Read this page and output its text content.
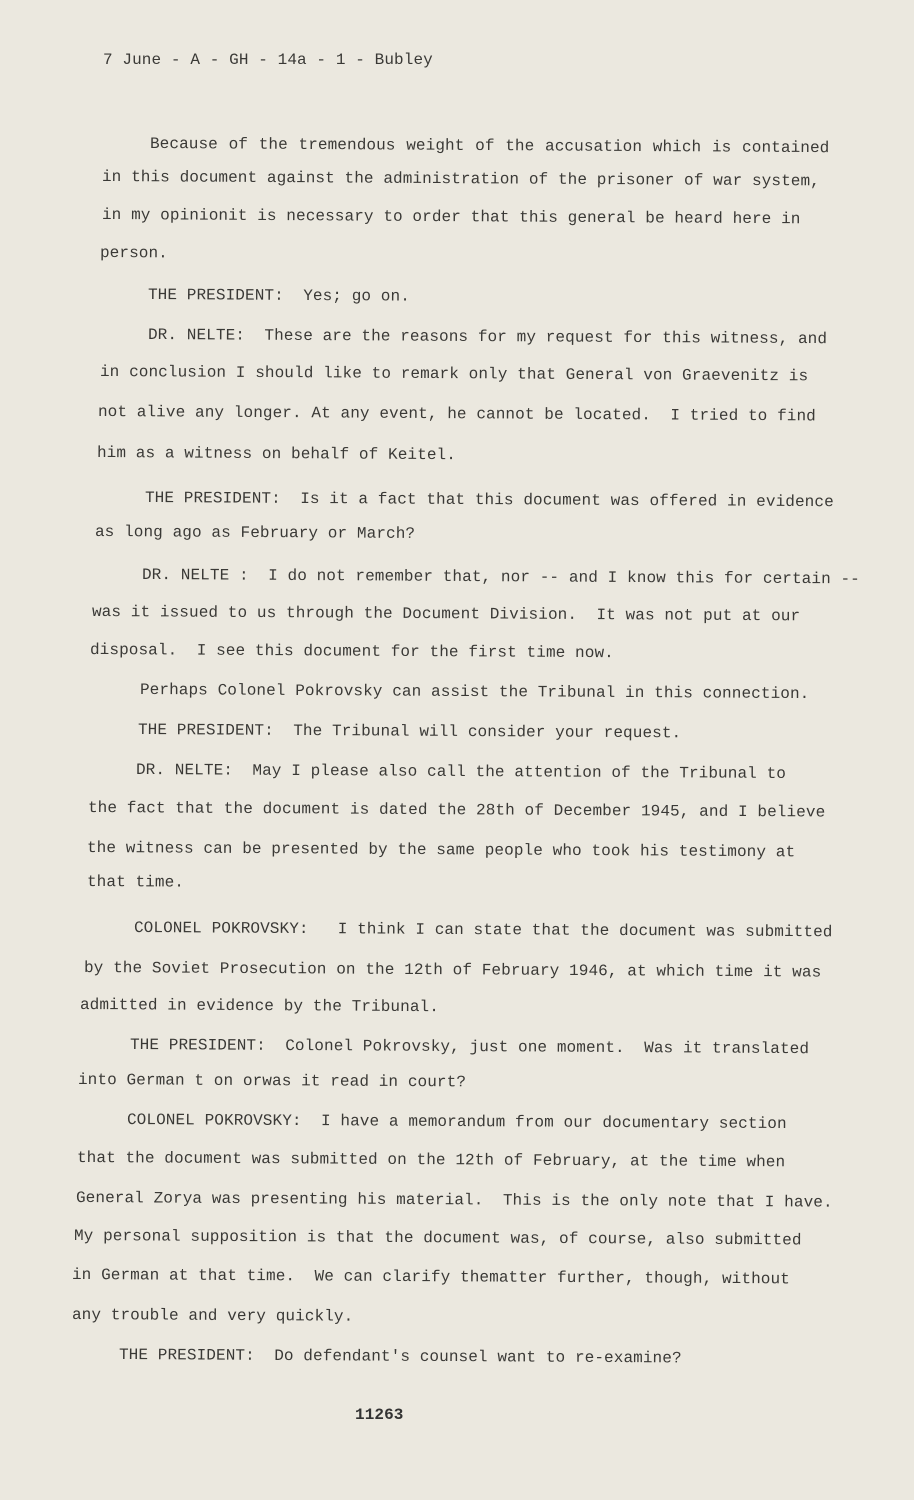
7 June - A - GH - 14a - 1 - Bubley
Because of the tremendous weight of the accusation which is contained
in this document against the administration of the prisoner of war system,
in my opinionit is necessary to order that this general be heard here in
person.
THE PRESIDENT:  Yes; go on.
DR. NELTE:  These are the reasons for my request for this witness, and
in conclusion I should like to remark only that General von Graevenitz is
not alive any longer. At any event, he cannot be located.  I tried to find
him as a witness on behalf of Keitel.
THE PRESIDENT:  Is it a fact that this document was offered in evidence
as long ago as February or March?
DR. NELTE :  I do not remember that, nor -- and I know this for certain --
was it issued to us through the Document Division.  It was not put at our
disposal.  I see this document for the first time now.
Perhaps Colonel Pokrovsky can assist the Tribunal in this connection.
THE PRESIDENT:  The Tribunal will consider your request.
DR. NELTE:  May I please also call the attention of the Tribunal to
the fact that the document is dated the 28th of December 1945, and I believe
the witness can be presented by the same people who took his testimony at
that time.
COLONEL POKROVSKY:   I think I can state that the document was submitted
by the Soviet Prosecution on the 12th of February 1946, at which time it was
admitted in evidence by the Tribunal.
THE PRESIDENT:  Colonel Pokrovsky, just one moment.  Was it translated
into German t on orwas it read in court?
COLONEL POKROVSKY:  I have a memorandum from our documentary section
that the document was submitted on the 12th of February, at the time when
General Zorya was presenting his material.  This is the only note that I have.
My personal supposition is that the document was, of course, also submitted
in German at that time.  We can clarify thematter further, though, without
any trouble and very quickly.
THE PRESIDENT:  Do defendant's counsel want to re-examine?
11263
